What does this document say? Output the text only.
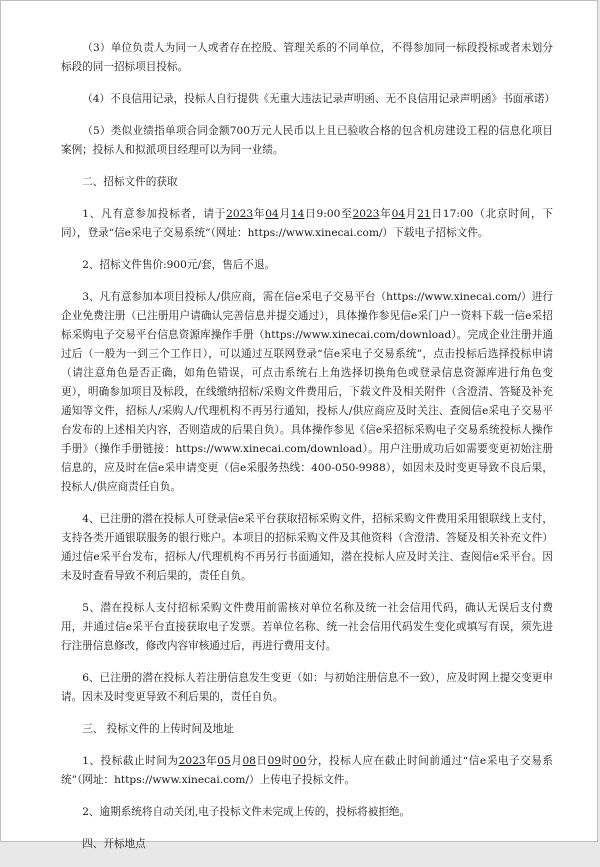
（3）单位负责人为同一人或者存在控股、管理关系的不同单位，不得参加同一标段投标或者未划分标段的同一招标项目投标。

（4）不良信用记录，投标人自行提供《无重大违法记录声明函、无不良信用记录声明函》书面承诺）

（5）类似业绩指单项合同金额700万元人民币以上且已验收合格的包含机房建设工程的信息化项目案例；投标人和拟派项目经理可以为同一业绩。

二、招标文件的获取

1、凡有意参加投标者，请于2023年04月14日9:00至2023年04月21日17:00（北京时间，下同），登录“信e采电子交易系统”（网址：https://www.xinecai.com/）下载电子招标文件。

2、招标文件售价:900元/套，售后不退。

3、凡有意参加本项目投标人/供应商，需在信e采电子交易平台（https://www.xinecai.com/）进行企业免费注册（已注册用户请确认完善信息并提交通过），具体操作参见信e采门户一资料下载一信e采招标采购电子交易平台信息资源库操作手册（https://www.xinecai.com/download）。完成企业注册并通过后（一般为一到三个工作日），可以通过互联网登录“信e采电子交易系统”，点击投标后选择投标申请（请注意角色是否正确，如角色错误，可点击系统右上角选择切换角色或登录信息资源库进行角色变更），明确参加项目及标段，在线缴纳招标/采购文件费用后，下载文件及相关附件（含澄清、答疑及补充通知等文件，招标人/采购人/代理机构不再另行通知，投标人/供应商应及时关注、查阅信e采电子交易平台发布的上述相关内容，否则造成的后果自负）。具体操作参见《信e采招标采购电子交易系统投标人操作手册》（操作手册链接：https://www.xinecai.com/download）。用户注册成功后如需要变更初始注册信息的，应及时在信e采申请变更（信e采服务热线：400-050-9988），如因未及时变更导致不良后果，投标人/供应商责任自负。

4、已注册的潜在投标人可登录信e采平台获取招标采购文件，招标采购文件费用采用银联线上支付，支持各类开通银联服务的银行账户。本项目的招标采购文件及其他资料（含澄清、答疑及相关补充文件）通过信e采平台发布，招标人/代理机构不再另行书面通知，潜在投标人应及时关注、查阅信e采平台。因未及时查看导致不利后果的，责任自负。

5、潜在投标人支付招标采购文件费用前需核对单位名称及统一社会信用代码，确认无误后支付费用，并通过信e采平台直接获取电子发票。若单位名称、统一社会信用代码发生变化或填写有误，须先进行注册信息修改，修改内容审核通过后，再进行费用支付。

6、已注册的潜在投标人若注册信息发生变更（如：与初始注册信息不一致），应及时网上提交变更申请。因未及时变更导致不利后果的，责任自负。

三、 投标文件的上传时间及地址

1、投标截止时间为2023年05月08日09时00分，投标人应在截止时间前通过“信e采电子交易系统”（网址：https://www.xinecai.com/）上传电子投标文件。

2、逾期系统将自动关闭,电子投标文件未完成上传的，投标将被拒绝。

四、开标地点
